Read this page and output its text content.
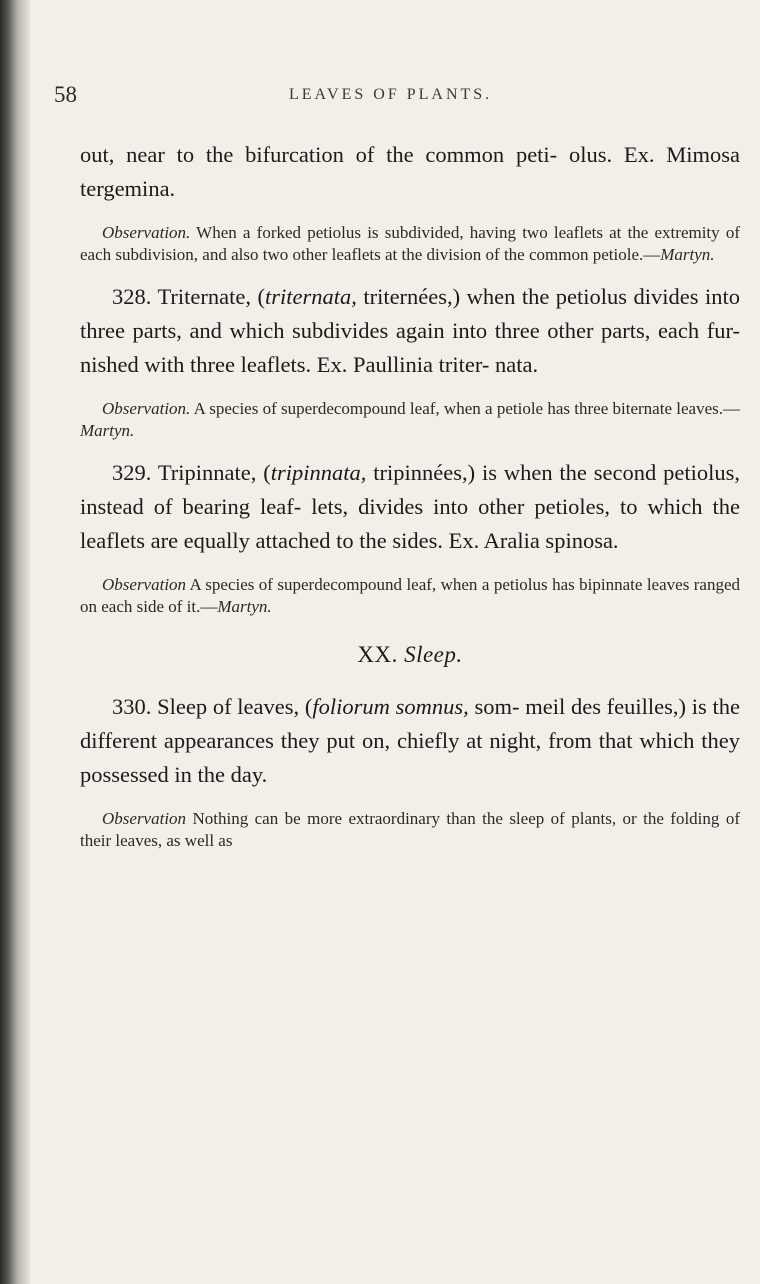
58	LEAVES OF PLANTS.

out, near to the bifurcation of the common peti- olus. Ex. Mimosa tergemina.

Observation. When a forked petiolus is subdivided, having two leaflets at the extremity of each subdivision, and also two other leaflets at the division of the common petiole.—Martyn.

328. Triternate, (triternata, triternées,) when the petiolus divides into three parts, and which subdivides again into three other parts, each fur- nished with three leaflets. Ex. Paullinia triter- nata.

Observation. A species of superdecompound leaf, when a petiole has three biternate leaves.—Martyn.

329. Tripinnate, (tripinnata, tripinnées,) is when the second petiolus, instead of bearing leaf- lets, divides into other petioles, to which the leaflets are equally attached to the sides. Ex. Aralia spinosa.

Observation A species of superdecompound leaf, when a petiolus has bipinnate leaves ranged on each side of it.—Martyn.

XX. Sleep.

330. Sleep of leaves, (foliorum somnus, som- meil des feuilles,) is the different appearances they put on, chiefly at night, from that which they possessed in the day.

Observation Nothing can be more extraordinary than the sleep of plants, or the folding of their leaves, as well as
